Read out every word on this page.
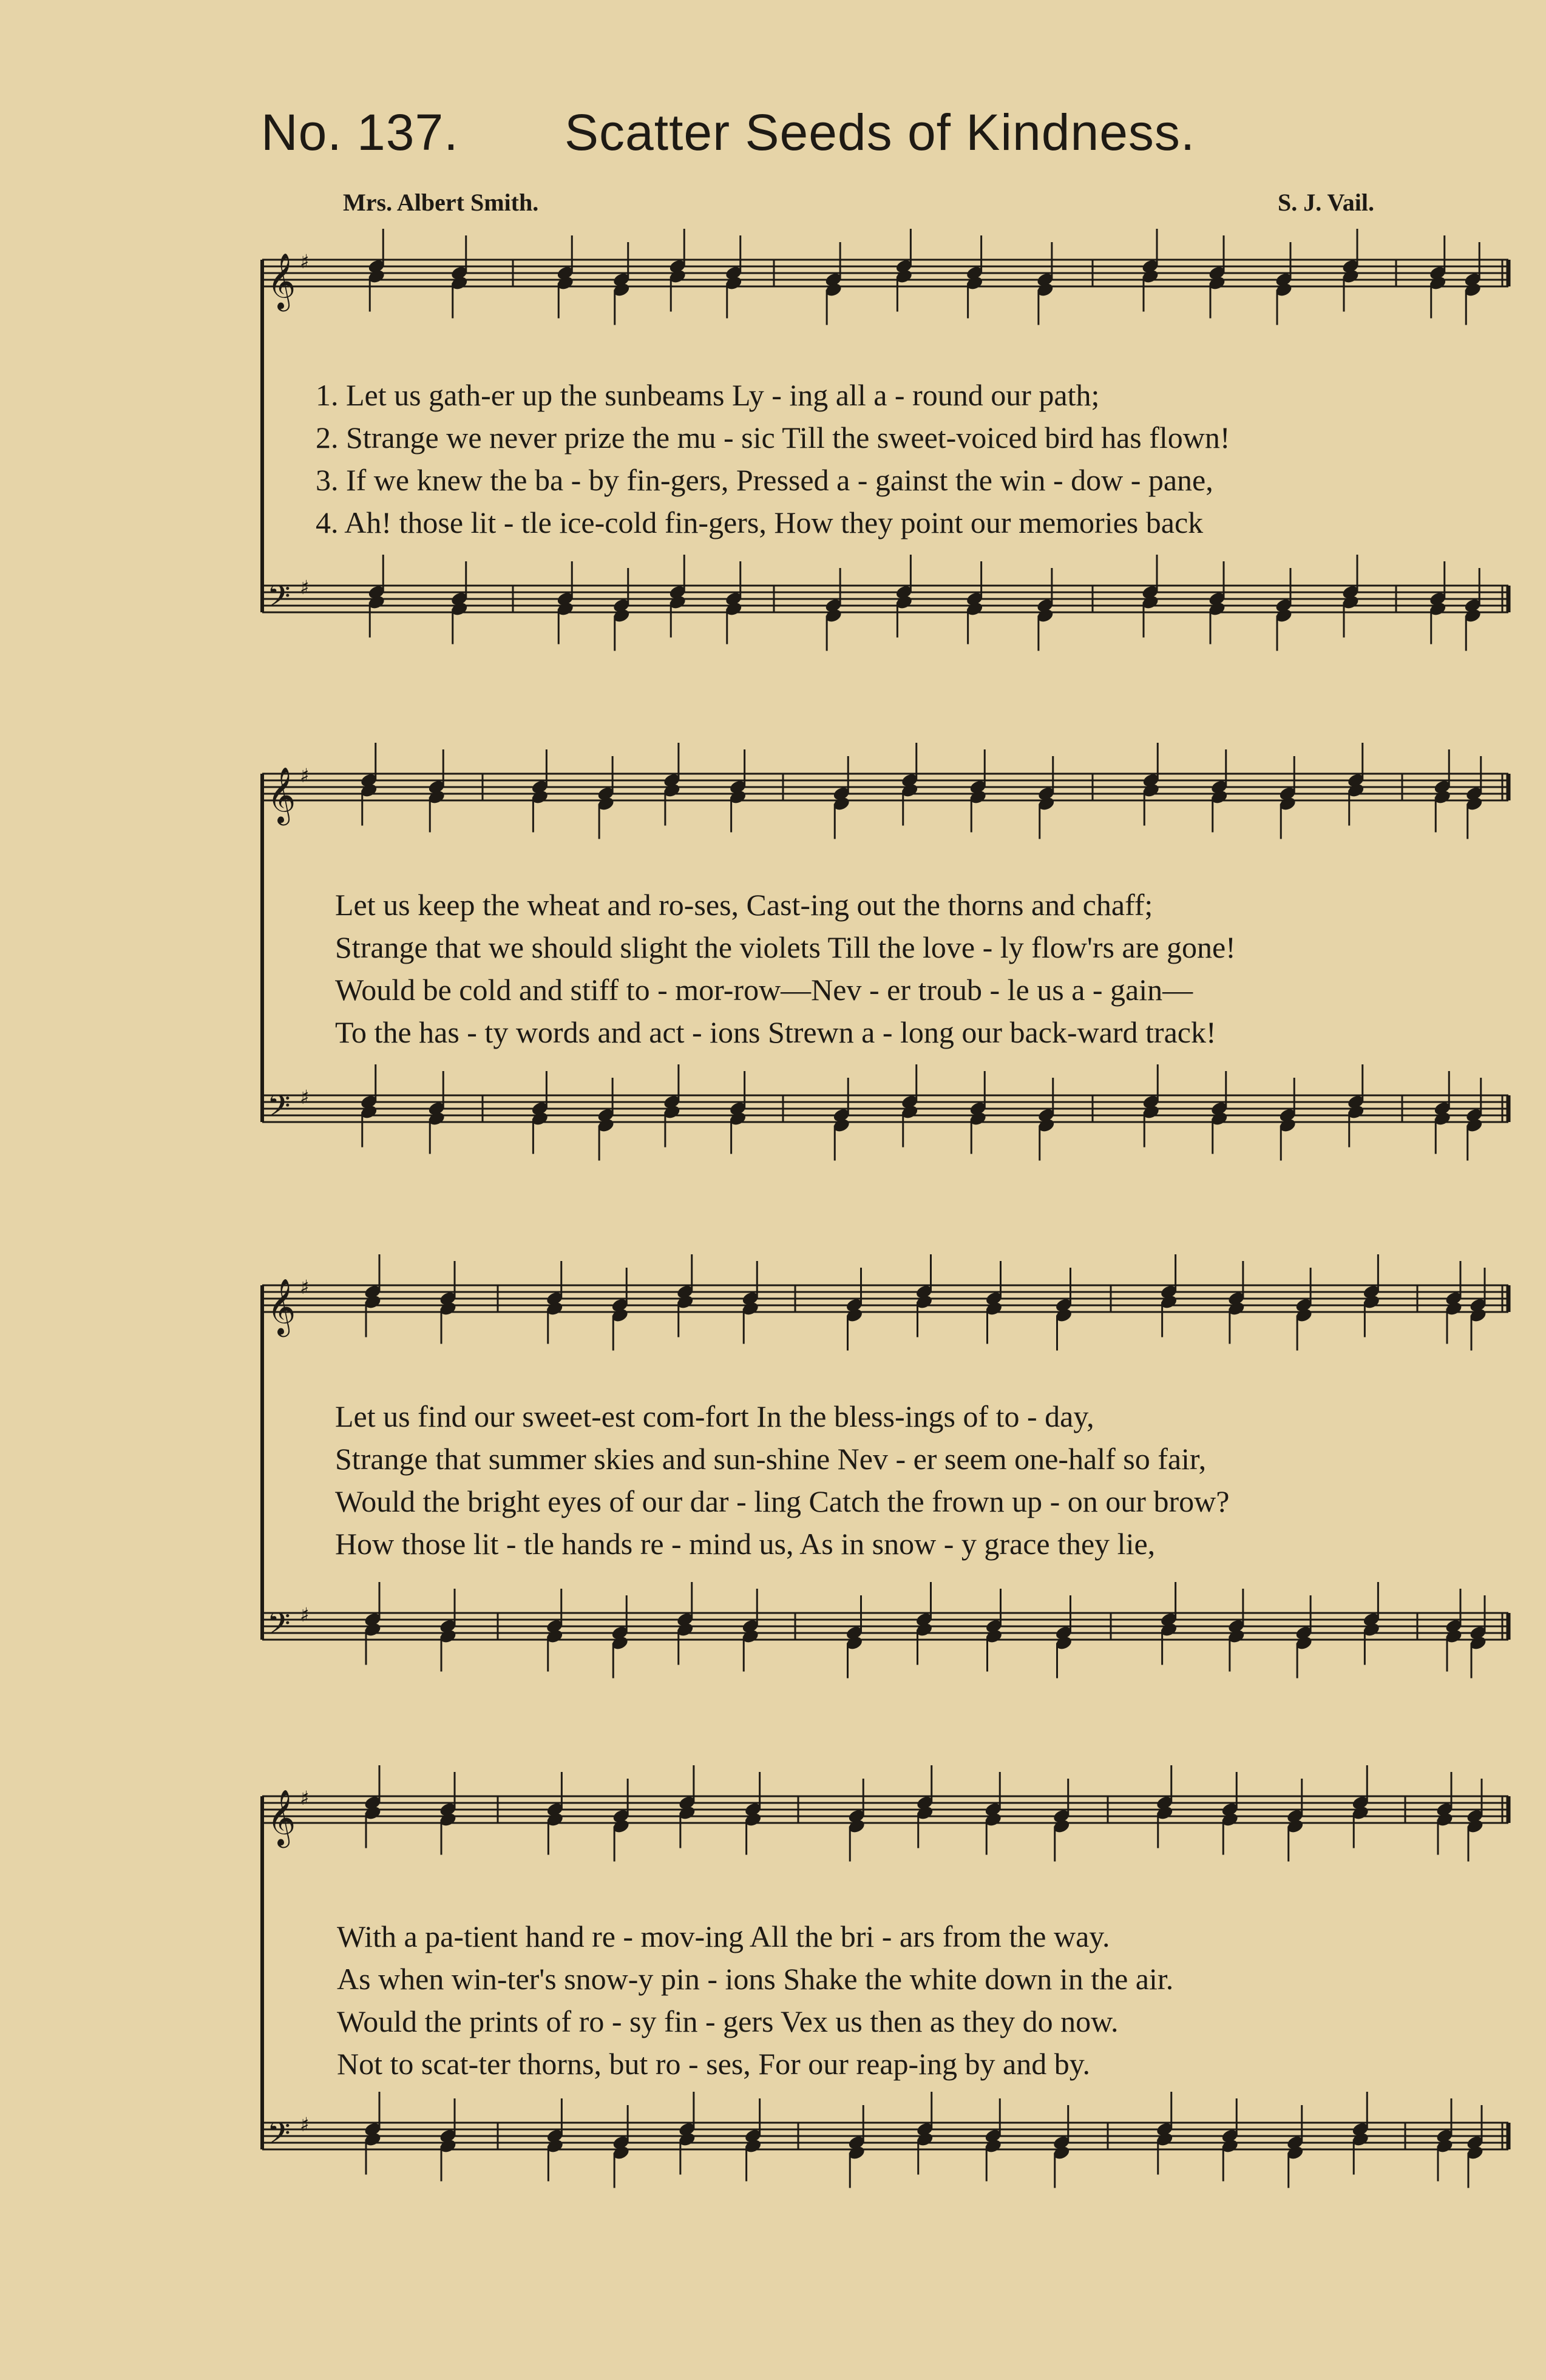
No. 137. Scatter Seeds of Kindness.
Mrs. Albert Smith.	S. J. Vail.
𝄞 ♯
𝄢 ♯
𝄞 ♯
𝄢 ♯
𝄞 ♯
𝄢 ♯
𝄞 ♯
𝄢 ♯
1. Let us gath-er up the sunbeams Ly - ing all a - round our path;
2. Strange we never prize the mu - sic Till the sweet-voiced bird has flown!
3. If we knew the ba - by fin-gers, Pressed a - gainst the win - dow - pane,
4. Ah! those lit - tle ice-cold fin-gers, How they point our memories back
Let us keep the wheat and ro-ses, Cast-ing out the thorns and chaff;
Strange that we should slight the violets Till the love - ly flow'rs are gone!
Would be cold and stiff to - mor-row—Nev - er troub - le us a - gain—
To the has - ty words and act - ions Strewn a - long our back-ward track!
Let us find our sweet-est com-fort In the bless-ings of to - day,
Strange that summer skies and sun-shine Nev - er seem one-half so fair,
Would the bright eyes of our dar - ling Catch the frown up - on our brow?
How those lit - tle hands re - mind us, As in snow - y grace they lie,
With a pa-tient hand re - mov-ing All the bri - ars from the way.
As when win-ter's snow-y pin - ions Shake the white down in the air.
Would the prints of ro - sy fin - gers Vex us then as they do now.
Not to scat-ter thorns, but ro - ses, For our reap-ing by and by.
